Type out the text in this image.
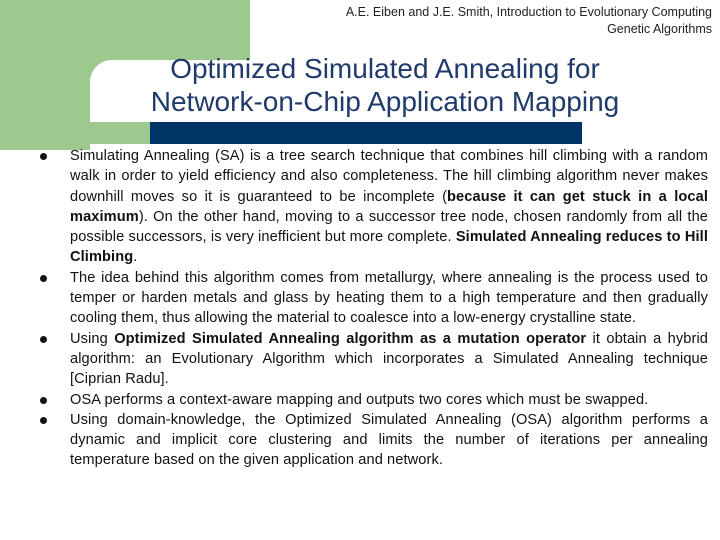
A.E. Eiben and J.E. Smith, Introduction to Evolutionary Computing
Genetic Algorithms
Optimized Simulated Annealing for
Network-on-Chip Application Mapping
Simulating Annealing (SA) is a tree search technique that combines hill climbing with a random walk in order to yield efficiency and also completeness. The hill climbing algorithm never makes downhill moves so it is guaranteed to be incomplete (because it can get stuck in a local maximum). On the other hand, moving to a successor tree node, chosen randomly from all the possible successors, is very inefficient but more complete. Simulated Annealing reduces to Hill Climbing.
The idea behind this algorithm comes from metallurgy, where annealing is the process used to temper or harden metals and glass by heating them to a high temperature and then gradually cooling them, thus allowing the material to coalesce into a low-energy crystalline state.
Using Optimized Simulated Annealing algorithm as a mutation operator it obtain a hybrid algorithm: an Evolutionary Algorithm which incorporates a Simulated Annealing technique [Ciprian Radu].
OSA performs a context-aware mapping and outputs two cores which must be swapped.
Using domain-knowledge, the Optimized Simulated Annealing (OSA) algorithm performs a dynamic and implicit core clustering and limits the number of iterations per annealing temperature based on the given application and network.
